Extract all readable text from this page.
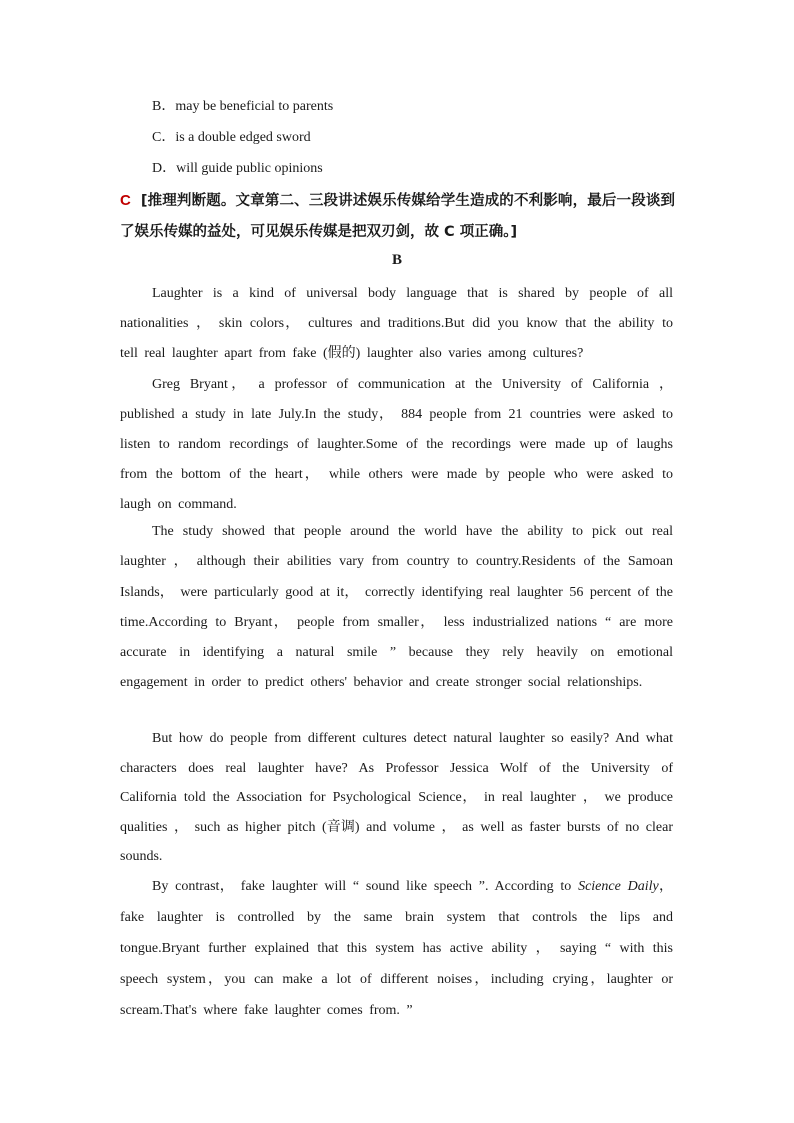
B．may be beneficial to parents
C．is a double edged sword
D．will guide public opinions
C [推理判断题。文章第二、三段讲述娱乐传媒给学生造成的不利影响，最后一段谈到了娱乐传媒的益处，可见娱乐传媒是把双刃剑，故 C 项正确。]
B
Laughter is a kind of universal body language that is shared by people of all nationalities ， skin colors， cultures and traditions.But did you know that the ability to tell real laughter apart from fake (假的) laughter also varies among cultures?
Greg Bryant， a professor of communication at the University of California ， published a study in late July.In the study， 884 people from 21 countries were asked to listen to random recordings of laughter.Some of the recordings were made up of laughs from the bottom of the heart， while others were made by people who were asked to laugh on command.
The study showed that people around the world have the ability to pick out real laughter ， although their abilities vary from country to country.Residents of the Samoan Islands， were particularly good at it， correctly identifying real laughter 56 percent of the time.According to Bryant， people from smaller， less industrialized nations “ are more accurate in identifying a natural smile ” because they rely heavily on emotional engagement in order to predict others' behavior and create stronger social relationships.
But how do people from different cultures detect natural laughter so easily? And what characters does real laughter have? As Professor Jessica Wolf of the University of California told the Association for Psychological Science， in real laughter ， we produce qualities ， such as higher pitch (音调) and volume ， as well as faster bursts of no clear sounds.
By contrast， fake laughter will “ sound like speech ”. According to Science Daily， fake laughter is controlled by the same brain system that controls the lips and tongue.Bryant further explained that this system has active ability ， saying “ with this speech system，you can make a lot of different noises，including crying，laughter or scream.That's where fake laughter comes from. ”
